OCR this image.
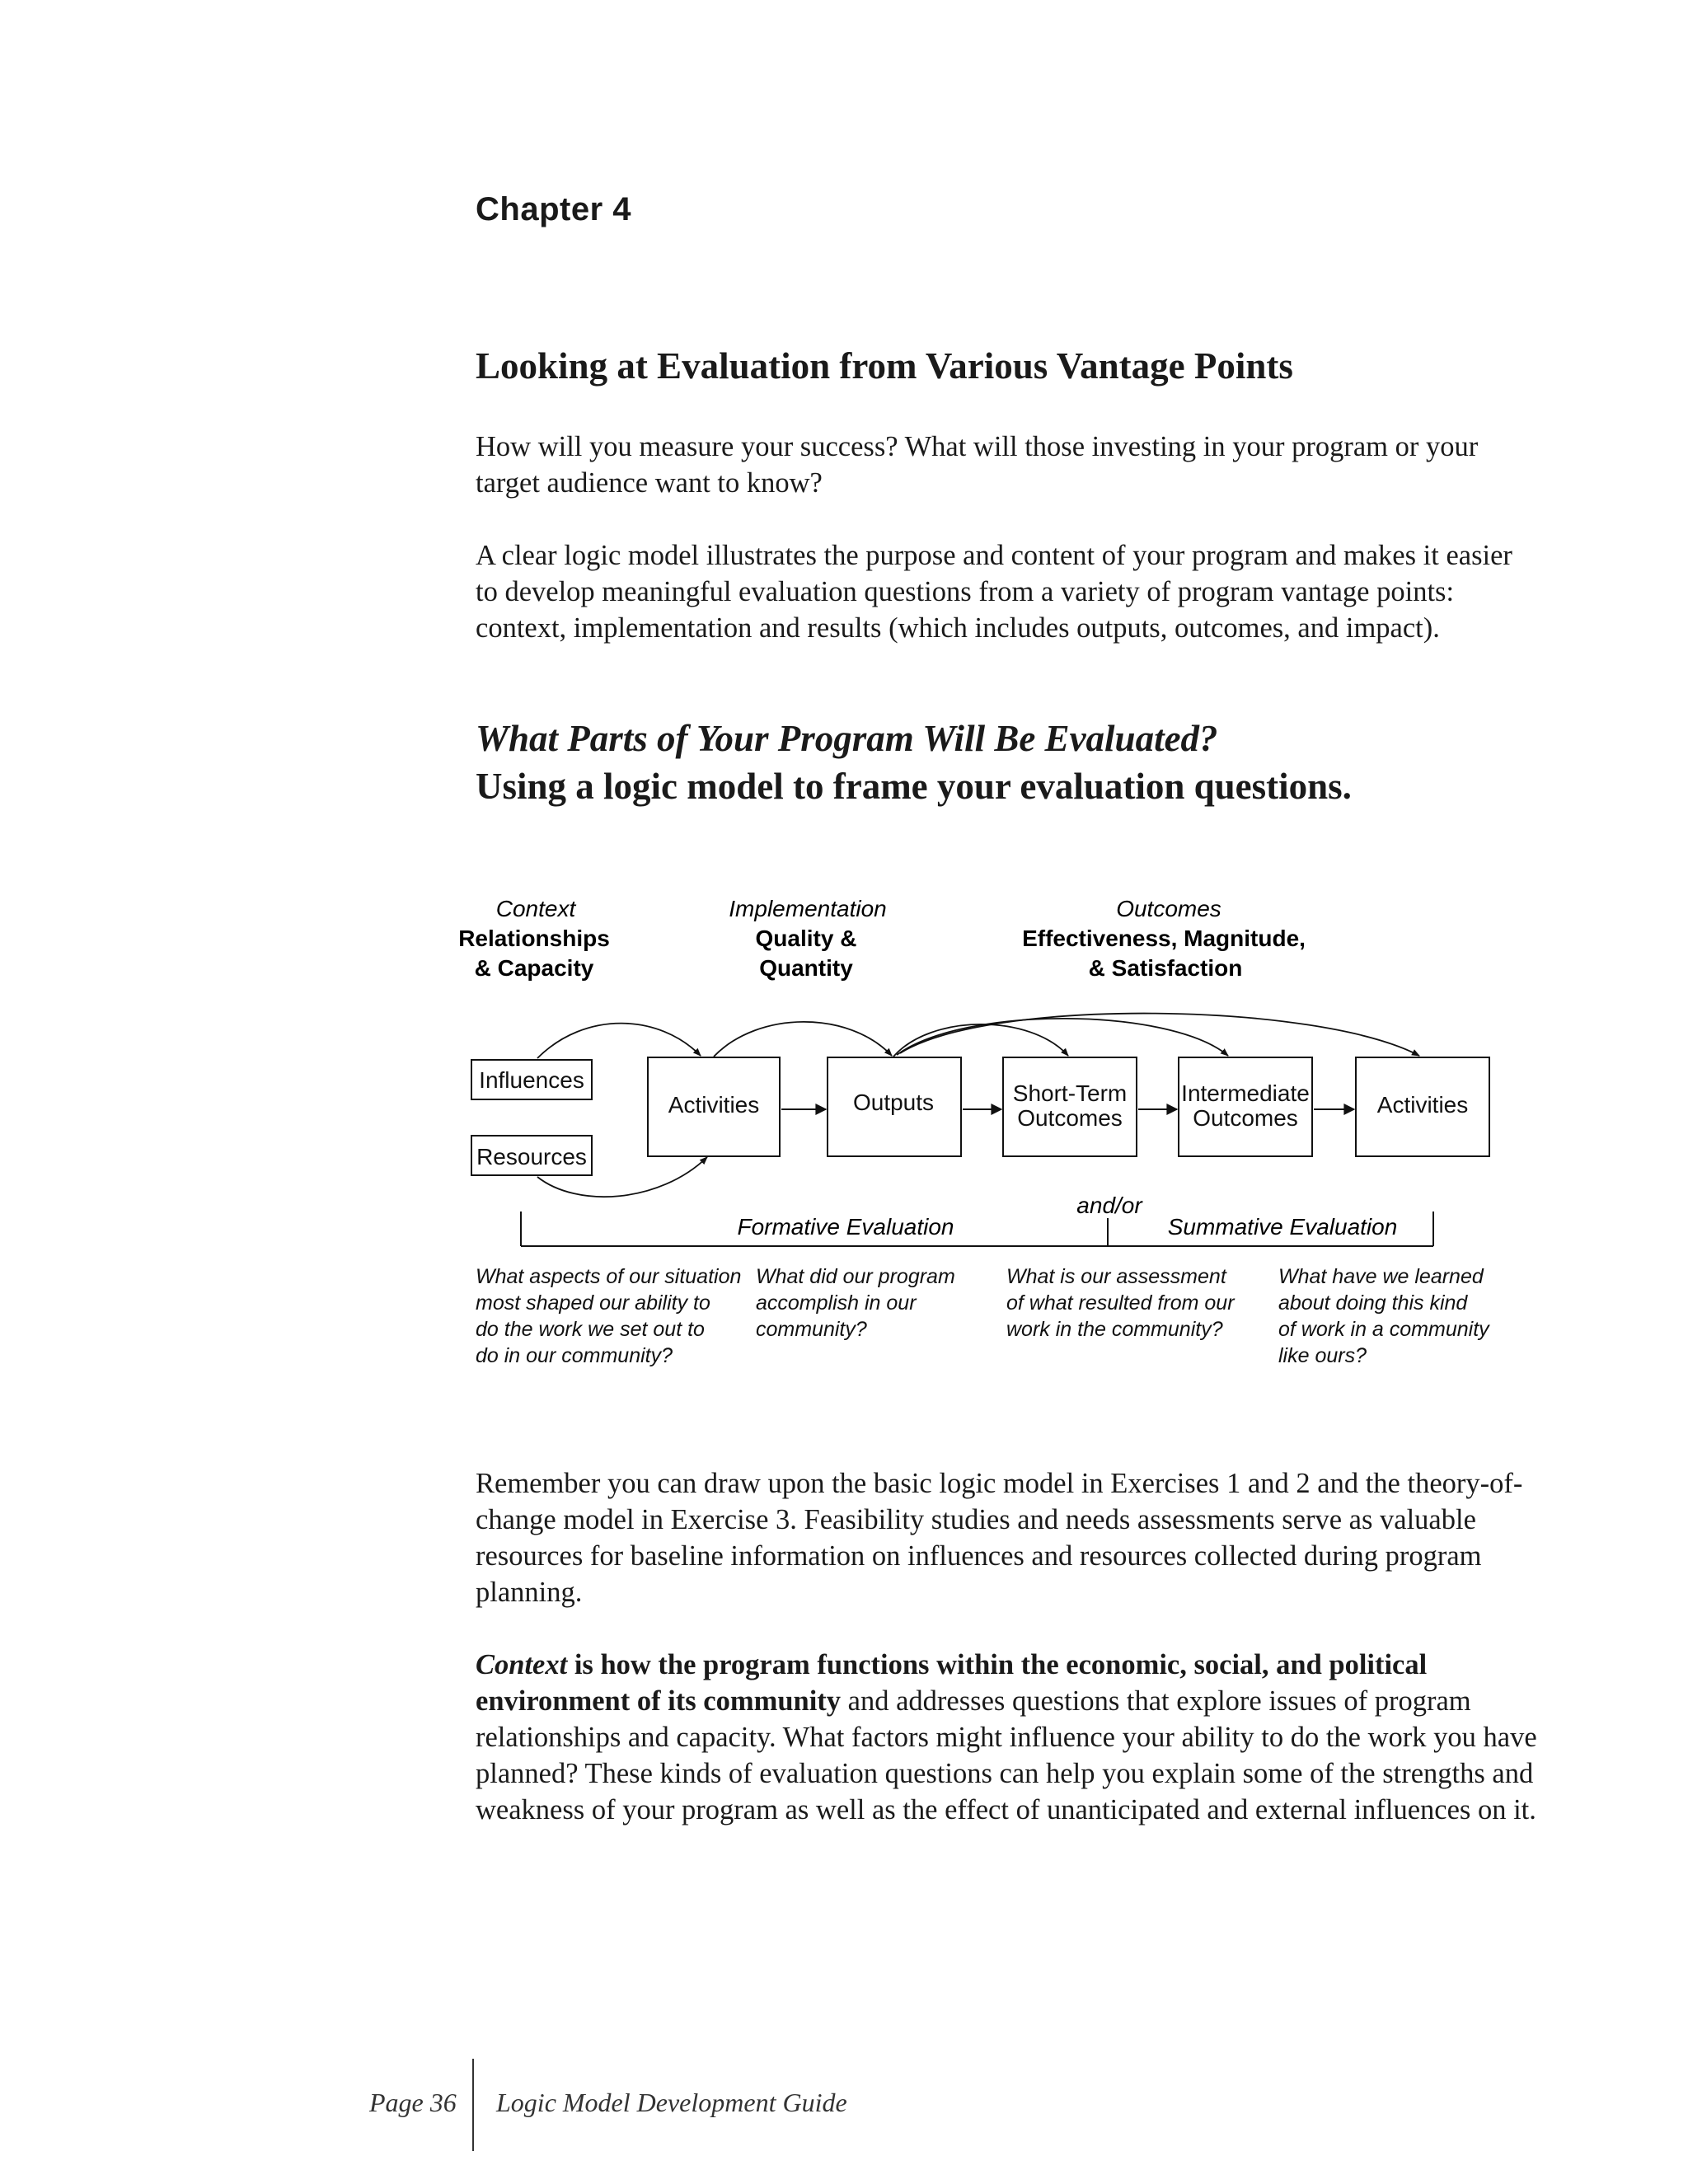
Chapter 4
Looking at Evaluation from Various Vantage Points

How will you measure your success? What will those investing in your program or your target audience want to know?

A clear logic model illustrates the purpose and content of your program and makes it easier to develop meaningful evaluation questions from a variety of program vantage points: context, implementation and results (which includes outputs, outcomes, and impact).

What Parts of Your Program Will Be Evaluated?
Using a logic model to frame your evaluation questions.
Context
Relationships
& Capacity
Implementation
Quality &
Quantity
Outcomes
Effectiveness, Magnitude,
& Satisfaction
Influences
Resources
Activities	Outputs	Short-Term
Outcomes
Intermediate
Outcomes
Activities
and/or
Formative Evaluation	Summative Evaluation
What aspects of our situation
most shaped our ability to
do the work we set out to
do in our community?
What did our program
accomplish in our
community?
What is our assessment
of what resulted from our
work in the community?
What have we learned
about doing this kind
of work in a community
like ours?

Remember you can draw upon the basic logic model in Exercises 1 and 2 and the theory-of-change model in Exercise 3. Feasibility studies and needs assessments serve as valuable resources for baseline information on influences and resources collected during program planning.

Context is how the program functions within the economic, social, and political environment of its community and addresses questions that explore issues of program relationships and capacity. What factors might influence your ability to do the work you have planned? These kinds of evaluation questions can help you explain some of the strengths and weakness of your program as well as the effect of unanticipated and external influences on it.

Page 36 Logic Model Development Guide
